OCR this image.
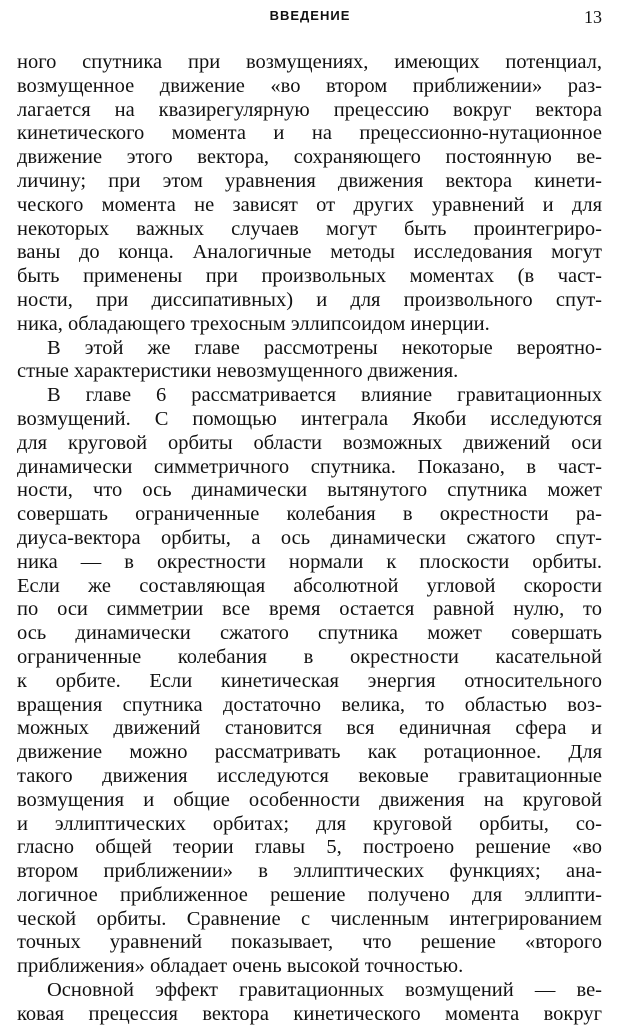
ВВЕДЕНИЕ	13
ного спутника при возмущениях, имеющих потенциал,
возмущенное движение «во втором приближении» раз-
лагается на квазирегулярную прецессию вокруг вектора
кинетического момента и на прецессионно-нутационное
движение этого вектора, сохраняющего постоянную ве-
личину; при этом уравнения движения вектора кинети-
ческого момента не зависят от других уравнений и для
некоторых важных случаев могут быть проинтегриро-
ваны до конца. Аналогичные методы исследования могут
быть применены при произвольных моментах (в част-
ности, при диссипативных) и для произвольного спут-
ника, обладающего трехосным эллипсоидом инерции.
В этой же главе рассмотрены некоторые вероятно-
стные характеристики невозмущенного движения.
В главе 6 рассматривается влияние гравитационных
возмущений. С помощью интеграла Якоби исследуются
для круговой орбиты области возможных движений оси
динамически симметричного спутника. Показано, в част-
ности, что ось динамически вытянутого спутника может
совершать ограниченные колебания в окрестности ра-
диуса-вектора орбиты, а ось динамически сжатого спут-
ника — в окрестности нормали к плоскости орбиты.
Если же составляющая абсолютной угловой скорости
по оси симметрии все время остается равной нулю, то
ось динамически сжатого спутника может совершать
ограниченные колебания в окрестности касательной
к орбите. Если кинетическая энергия относительного
вращения спутника достаточно велика, то областью воз-
можных движений становится вся единичная сфера и
движение можно рассматривать как ротационное. Для
такого движения исследуются вековые гравитационные
возмущения и общие особенности движения на круговой
и эллиптических орбитах; для круговой орбиты, со-
гласно общей теории главы 5, построено решение «во
втором приближении» в эллиптических функциях; ана-
логичное приближенное решение получено для эллипти-
ческой орбиты. Сравнение с численным интегрированием
точных уравнений показывает, что решение «второго
приближения» обладает очень высокой точностью.
Основной эффект гравитационных возмущений — ве-
ковая прецессия вектора кинетического момента вокруг
